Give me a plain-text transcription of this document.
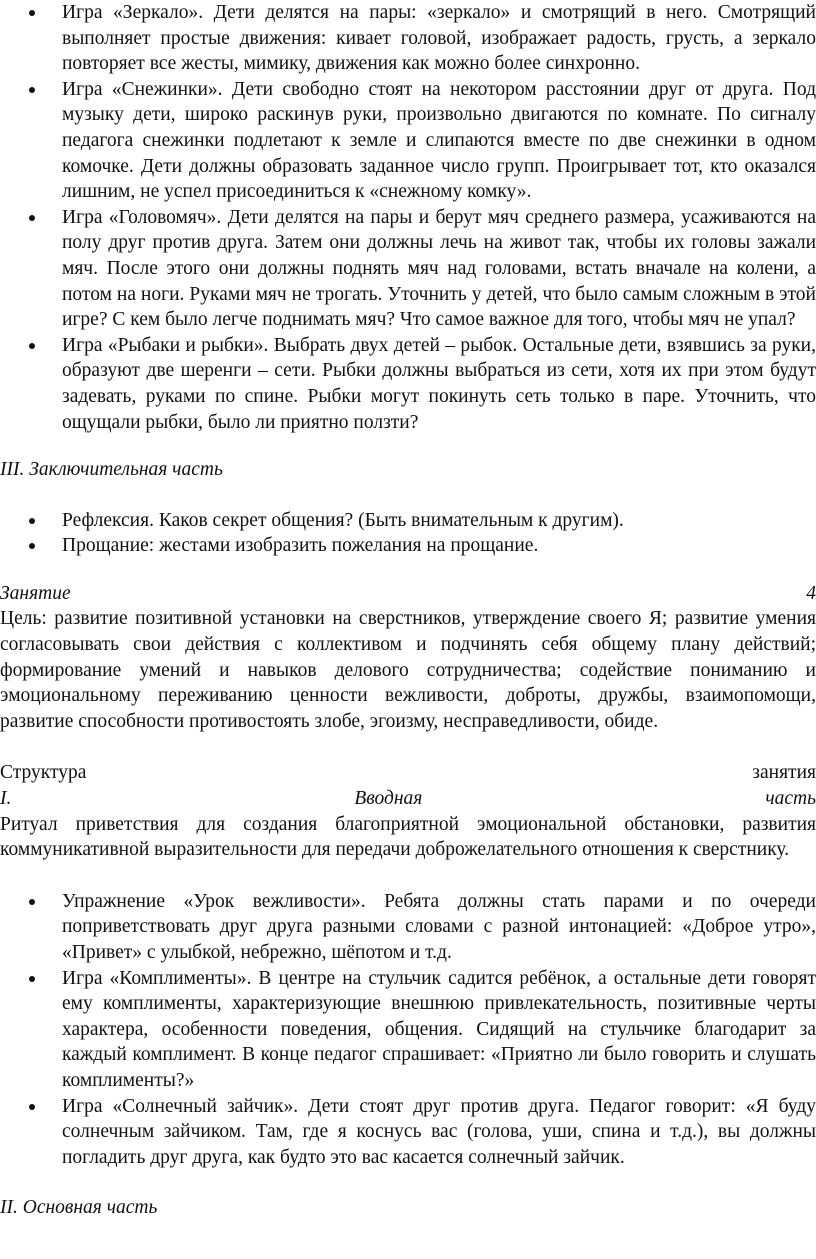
Игра «Зеркало». Дети делятся на пары: «зеркало» и смотрящий в него. Смотрящий выполняет простые движения: кивает головой, изображает радость, грусть, а зеркало повторяет все жесты, мимику, движения как можно более синхронно.
Игра «Снежинки». Дети свободно стоят на некотором расстоянии друг от друга. Под музыку дети, широко раскинув руки, произвольно двигаются по комнате. По сигналу педагога снежинки подлетают к земле и слипаются вместе по две снежинки в одном комочке. Дети должны образовать заданное число групп. Проигрывает тот, кто оказался лишним, не успел присоединиться к «снежному комку».
Игра «Головомяч». Дети делятся на пары и берут мяч среднего размера, усаживаются на полу друг против друга. Затем они должны лечь на живот так, чтобы их головы зажали мяч. После этого они должны поднять мяч над головами, встать вначале на колени, а потом на ноги. Руками мяч не трогать. Уточнить у детей, что было самым сложным в этой игре? С кем было легче поднимать мяч? Что самое важное для того, чтобы мяч не упал?
Игра «Рыбаки и рыбки». Выбрать двух детей – рыбок. Остальные дети, взявшись за руки, образуют две шеренги – сети. Рыбки должны выбраться из сети, хотя их при этом будут задевать, руками по спине. Рыбки могут покинуть сеть только в паре. Уточнить, что ощущали рыбки, было ли приятно ползти?

III. Заключительная часть

Рефлексия. Каков секрет общения? (Быть внимательным к другим).
Прощание: жестами изобразить пожелания на прощание.
Занятие	4

Цель: развитие позитивной установки на сверстников, утверждение своего Я; развитие умения согласовывать свои действия с коллективом и подчинять себя общему плану действий; формирование умений и навыков делового сотрудничества; содействие пониманию и эмоциональному переживанию ценности вежливости, доброты, дружбы, взаимопомощи, развитие способности противостоять злобе, эгоизму, несправедливости, обиде.

Структура	занятия
I.	Вводная	часть

Ритуал приветствия для создания благоприятной эмоциональной обстановки, развития коммуникативной выразительности для передачи доброжелательного отношения к сверстнику.

Упражнение «Урок вежливости». Ребята должны стать парами и по очереди поприветствовать друг друга разными словами с разной интонацией: «Доброе утро», «Привет» с улыбкой, небрежно, шёпотом и т.д.
Игра «Комплименты». В центре на стульчик садится ребёнок, а остальные дети говорят ему комплименты, характеризующие внешнюю привлекательность, позитивные черты характера, особенности поведения, общения. Сидящий на стульчике благодарит за каждый комплимент. В конце педагог спрашивает: «Приятно ли было говорить и слушать комплименты?»
Игра «Солнечный зайчик». Дети стоят друг против друга. Педагог говорит: «Я буду солнечным зайчиком. Там, где я коснусь вас (голова, уши, спина и т.д.), вы должны погладить друг друга, как будто это вас касается солнечный зайчик.

II. Основная часть
